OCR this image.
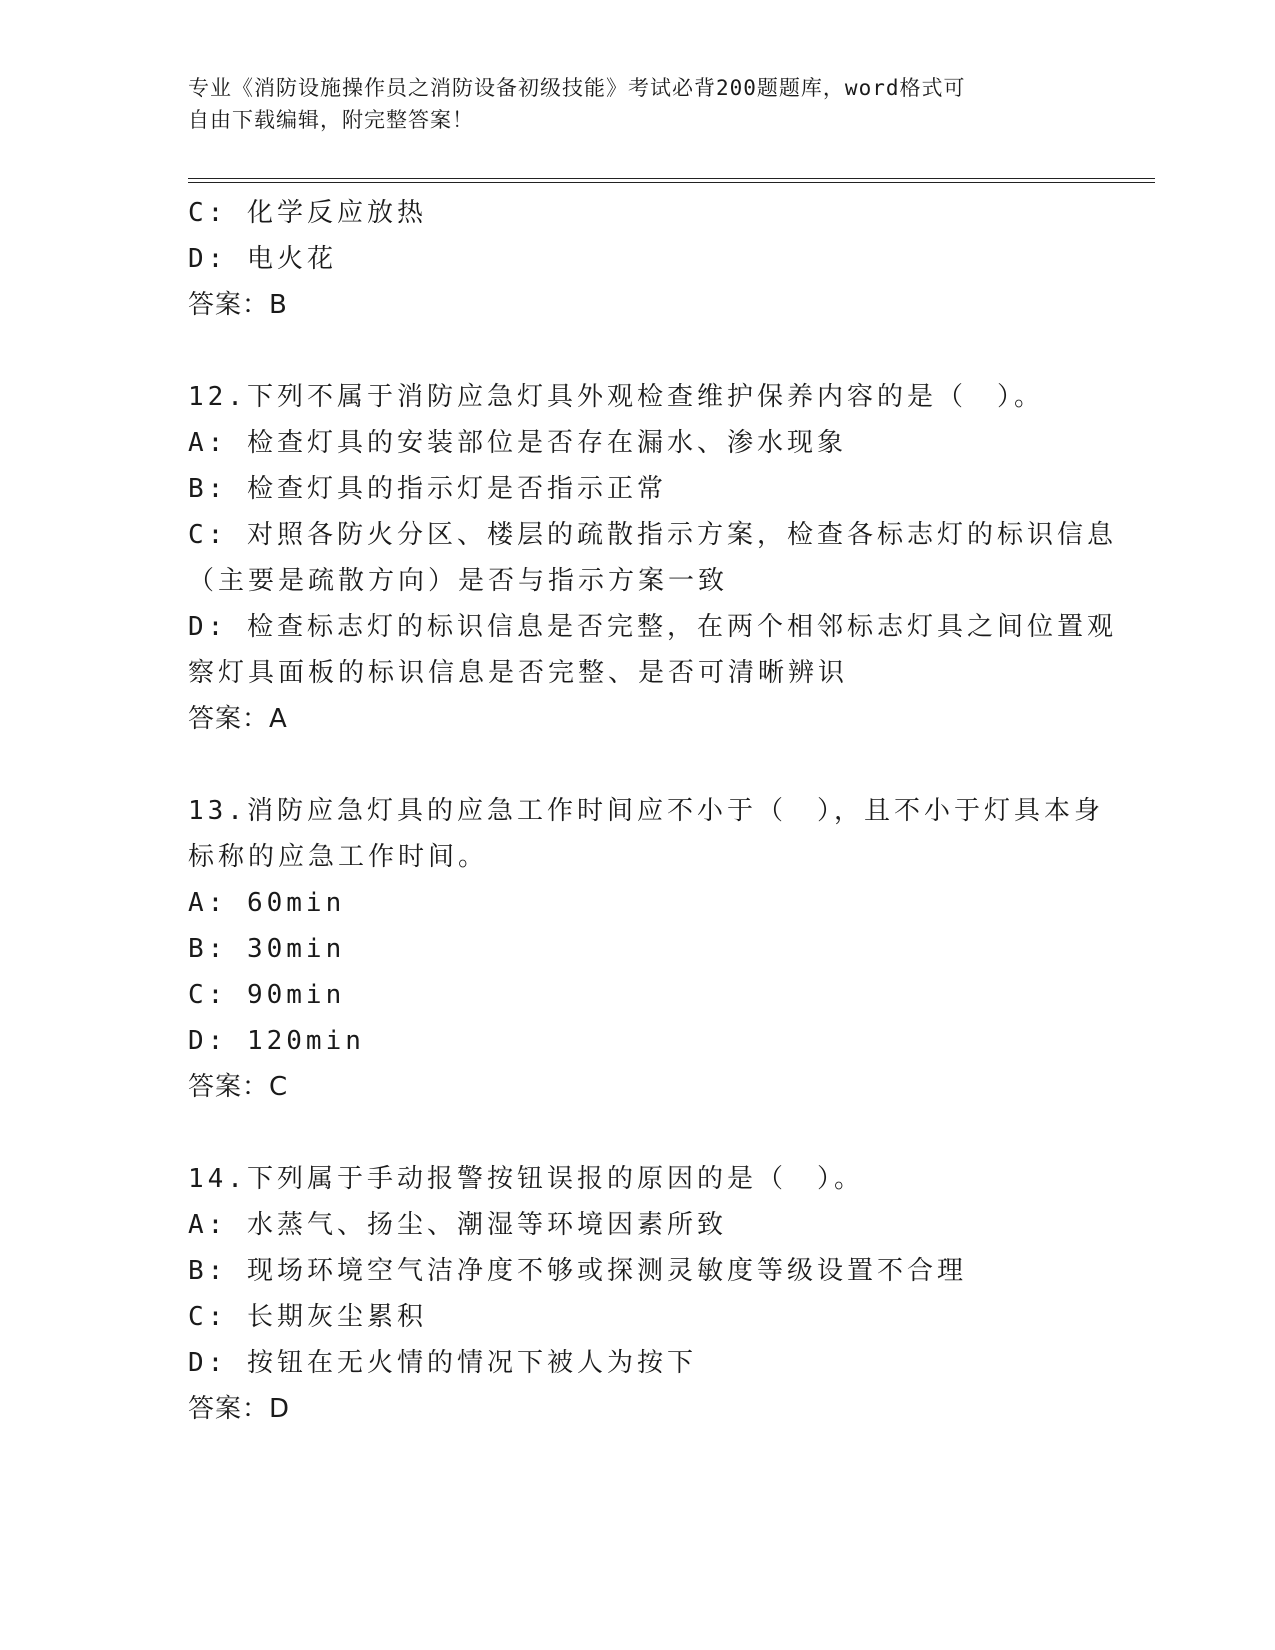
专业《消防设施操作员之消防设备初级技能》考试必背200题题库，word格式可
自由下载编辑，附完整答案！
C: 化学反应放热
D: 电火花
答案：B
12.下列不属于消防应急灯具外观检查维护保养内容的是（　）。
A: 检查灯具的安装部位是否存在漏水、渗水现象
B: 检查灯具的指示灯是否指示正常
C: 对照各防火分区、楼层的疏散指示方案，检查各标志灯的标识信息
（主要是疏散方向）是否与指示方案一致
D: 检查标志灯的标识信息是否完整，在两个相邻标志灯具之间位置观
察灯具面板的标识信息是否完整、是否可清晰辨识
答案：A
13.消防应急灯具的应急工作时间应不小于（　），且不小于灯具本身
标称的应急工作时间。
A: 60min
B: 30min
C: 90min
D: 120min
答案：C
14.下列属于手动报警按钮误报的原因的是（　）。
A: 水蒸气、扬尘、潮湿等环境因素所致
B: 现场环境空气洁净度不够或探测灵敏度等级设置不合理
C: 长期灰尘累积
D: 按钮在无火情的情况下被人为按下
答案：D
